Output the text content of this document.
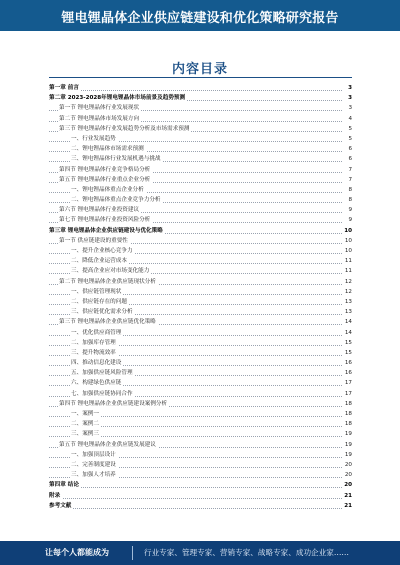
锂电锂晶体企业供应链建设和优化策略研究报告
内容目录
第一章 前言	3
第二章 2023-2028年锂电锂晶体市场前景及趋势预测	3
第一节 锂电锂晶体行业发展现状	3
第二节 锂电锂晶体市场发展方向	4
第三节 锂电锂晶体行业发展趋势分析及市场需求预测	5
一、行业发展趋势	5
二、锂电锂晶体市场需求预测	6
三、锂电锂晶体行业发展机遇与挑战	6
第四节 锂电锂晶体行业竞争格局分析	7
第五节 锂电锂晶体行业重点企业分析	7
一、锂电锂晶体重点企业分析	8
二、锂电锂晶体重点企业竞争力分析	8
第六节 锂电锂晶体行业投资建议	9
第七节 锂电锂晶体行业投资风险分析	9
第三章 锂电锂晶体企业供应链建设与优化策略	10
第一节 供应链建设的重要性	10
一、提升企业核心竞争力	10
二、降低企业运营成本	11
三、提高企业应对市场变化能力	11
第二节 锂电锂晶体企业供应链现状分析	12
一、供应链管理现状	12
二、供应链存在的问题	13
三、供应链优化需求分析	13
第三节 锂电锂晶体企业供应链优化策略	14
一、优化供应商管理	14
二、加强库存管理	15
三、提升物流效率	15
四、推动信息化建设	16
五、加强供应链风险管理	16
六、构建绿色供应链	17
七、加强供应链协同合作	17
第四节 锂电锂晶体企业供应链建设案例分析	18
一、案例一	18
二、案例二	18
三、案例三	19
第五节 锂电锂晶体企业供应链发展建议	19
一、加强顶层设计	19
二、完善制度建设	20
三、加强人才培养	20
第四章 结论	20
附录	21
参考文献	21
让每个人都能成为	行业专家、管理专家、营销专家、战略专家、成功企业家……
